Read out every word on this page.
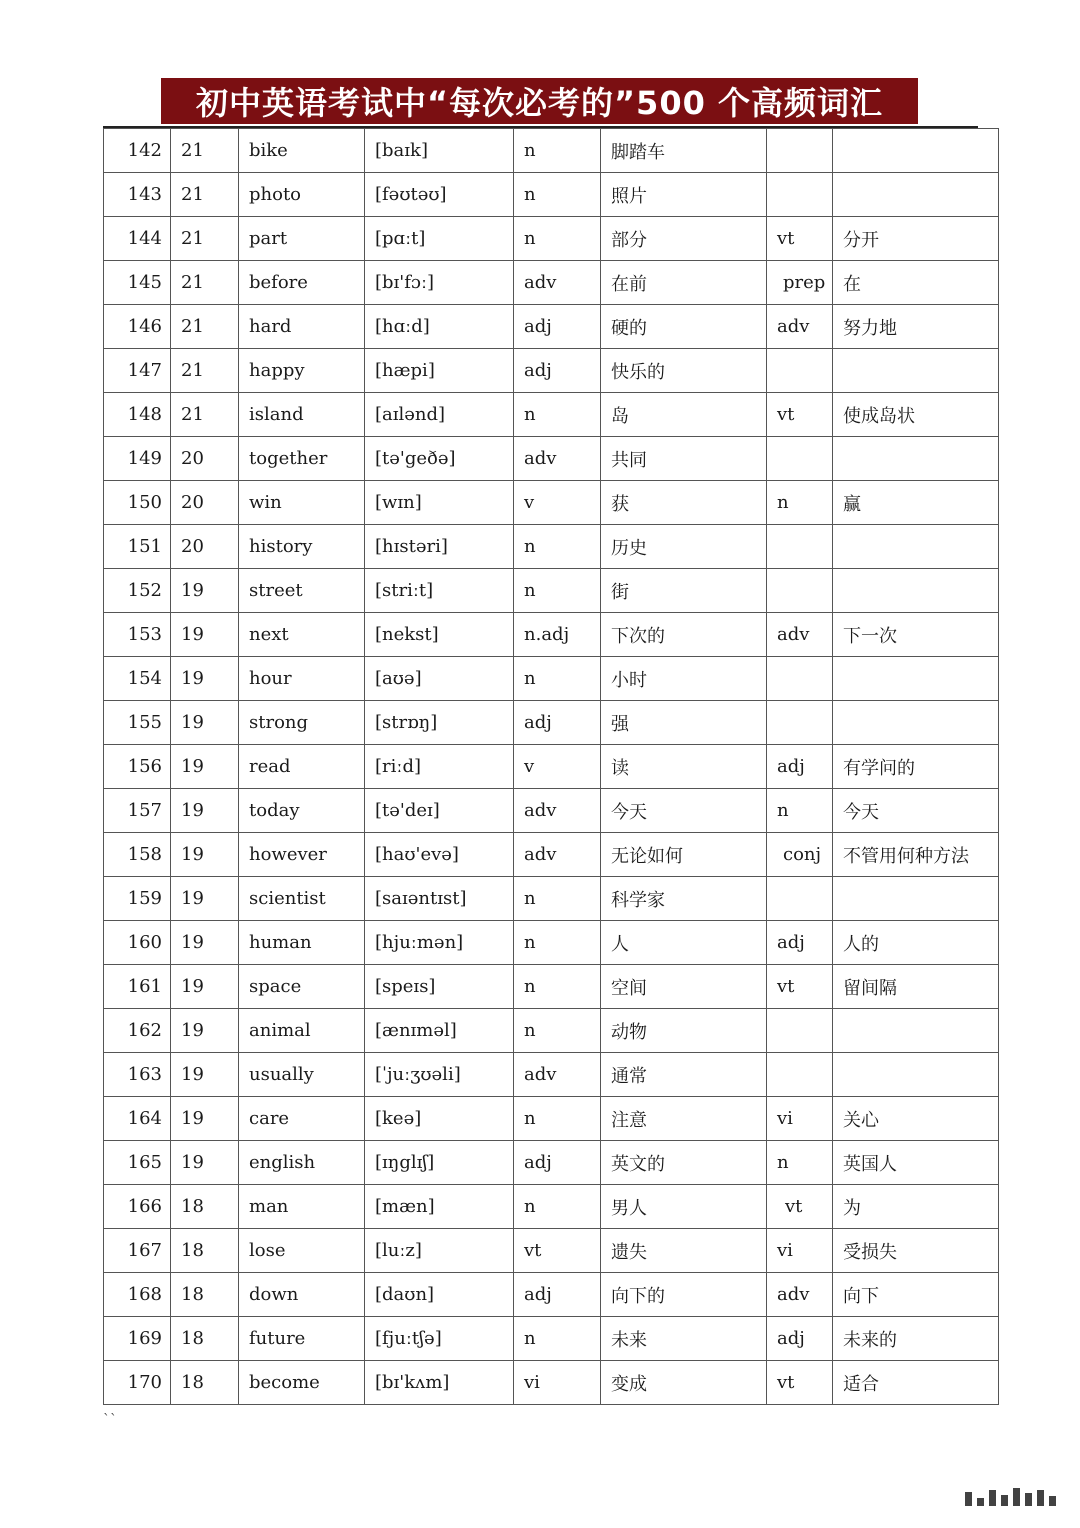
初中英语考试中“每次必考的”500 个高频词汇
142	21	bike	[baɪk]	n	脚踏车		
143	21	photo	[fəʊtəʊ]	n	照片		
144	21	part	[pɑːt]	n	部分	vt	分开
145	21	before	[bɪ'fɔː]	adv	在前	prep	在
146	21	hard	[hɑːd]	adj	硬的	adv	努力地
147	21	happy	[hæpi]	adj	快乐的		
148	21	island	[aɪlənd]	n	岛	vt	使成岛状
149	20	together	[tə'geðə]	adv	共同		
150	20	win	[wɪn]	v	获	n	赢
151	20	history	[hɪstəri]	n	历史		
152	19	street	[striːt]	n	街		
153	19	next	[nekst]	n.adj	下次的	adv	下一次
154	19	hour	[aʊə]	n	小时		
155	19	strong	[strɒŋ]	adj	强		
156	19	read	[riːd]	v	读	adj	有学问的
157	19	today	[tə'deɪ]	adv	今天	n	今天
158	19	however	[haʊ'evə]	adv	无论如何	conj	不管用何种方法
159	19	scientist	[saɪəntɪst]	n	科学家		
160	19	human	[hjuːmən]	n	人	adj	人的
161	19	space	[speɪs]	n	空间	vt	留间隔
162	19	animal	[ænɪməl]	n	动物		
163	19	usually	[ˈjuːʒʊəli]	adv	通常		
164	19	care	[keə]	n	注意	vi	关心
165	19	english	[ɪŋglɪʃ]	adj	英文的	n	英国人
166	18	man	[mæn]	n	男人	vt	为
167	18	lose	[luːz]	vt	遗失	vi	受损失
168	18	down	[daʊn]	adj	向下的	adv	向下
169	18	future	[fjuːtʃə]	n	未来	adj	未来的
170	18	become	[bɪ'kʌm]	vi	变成	vt	适合
``
